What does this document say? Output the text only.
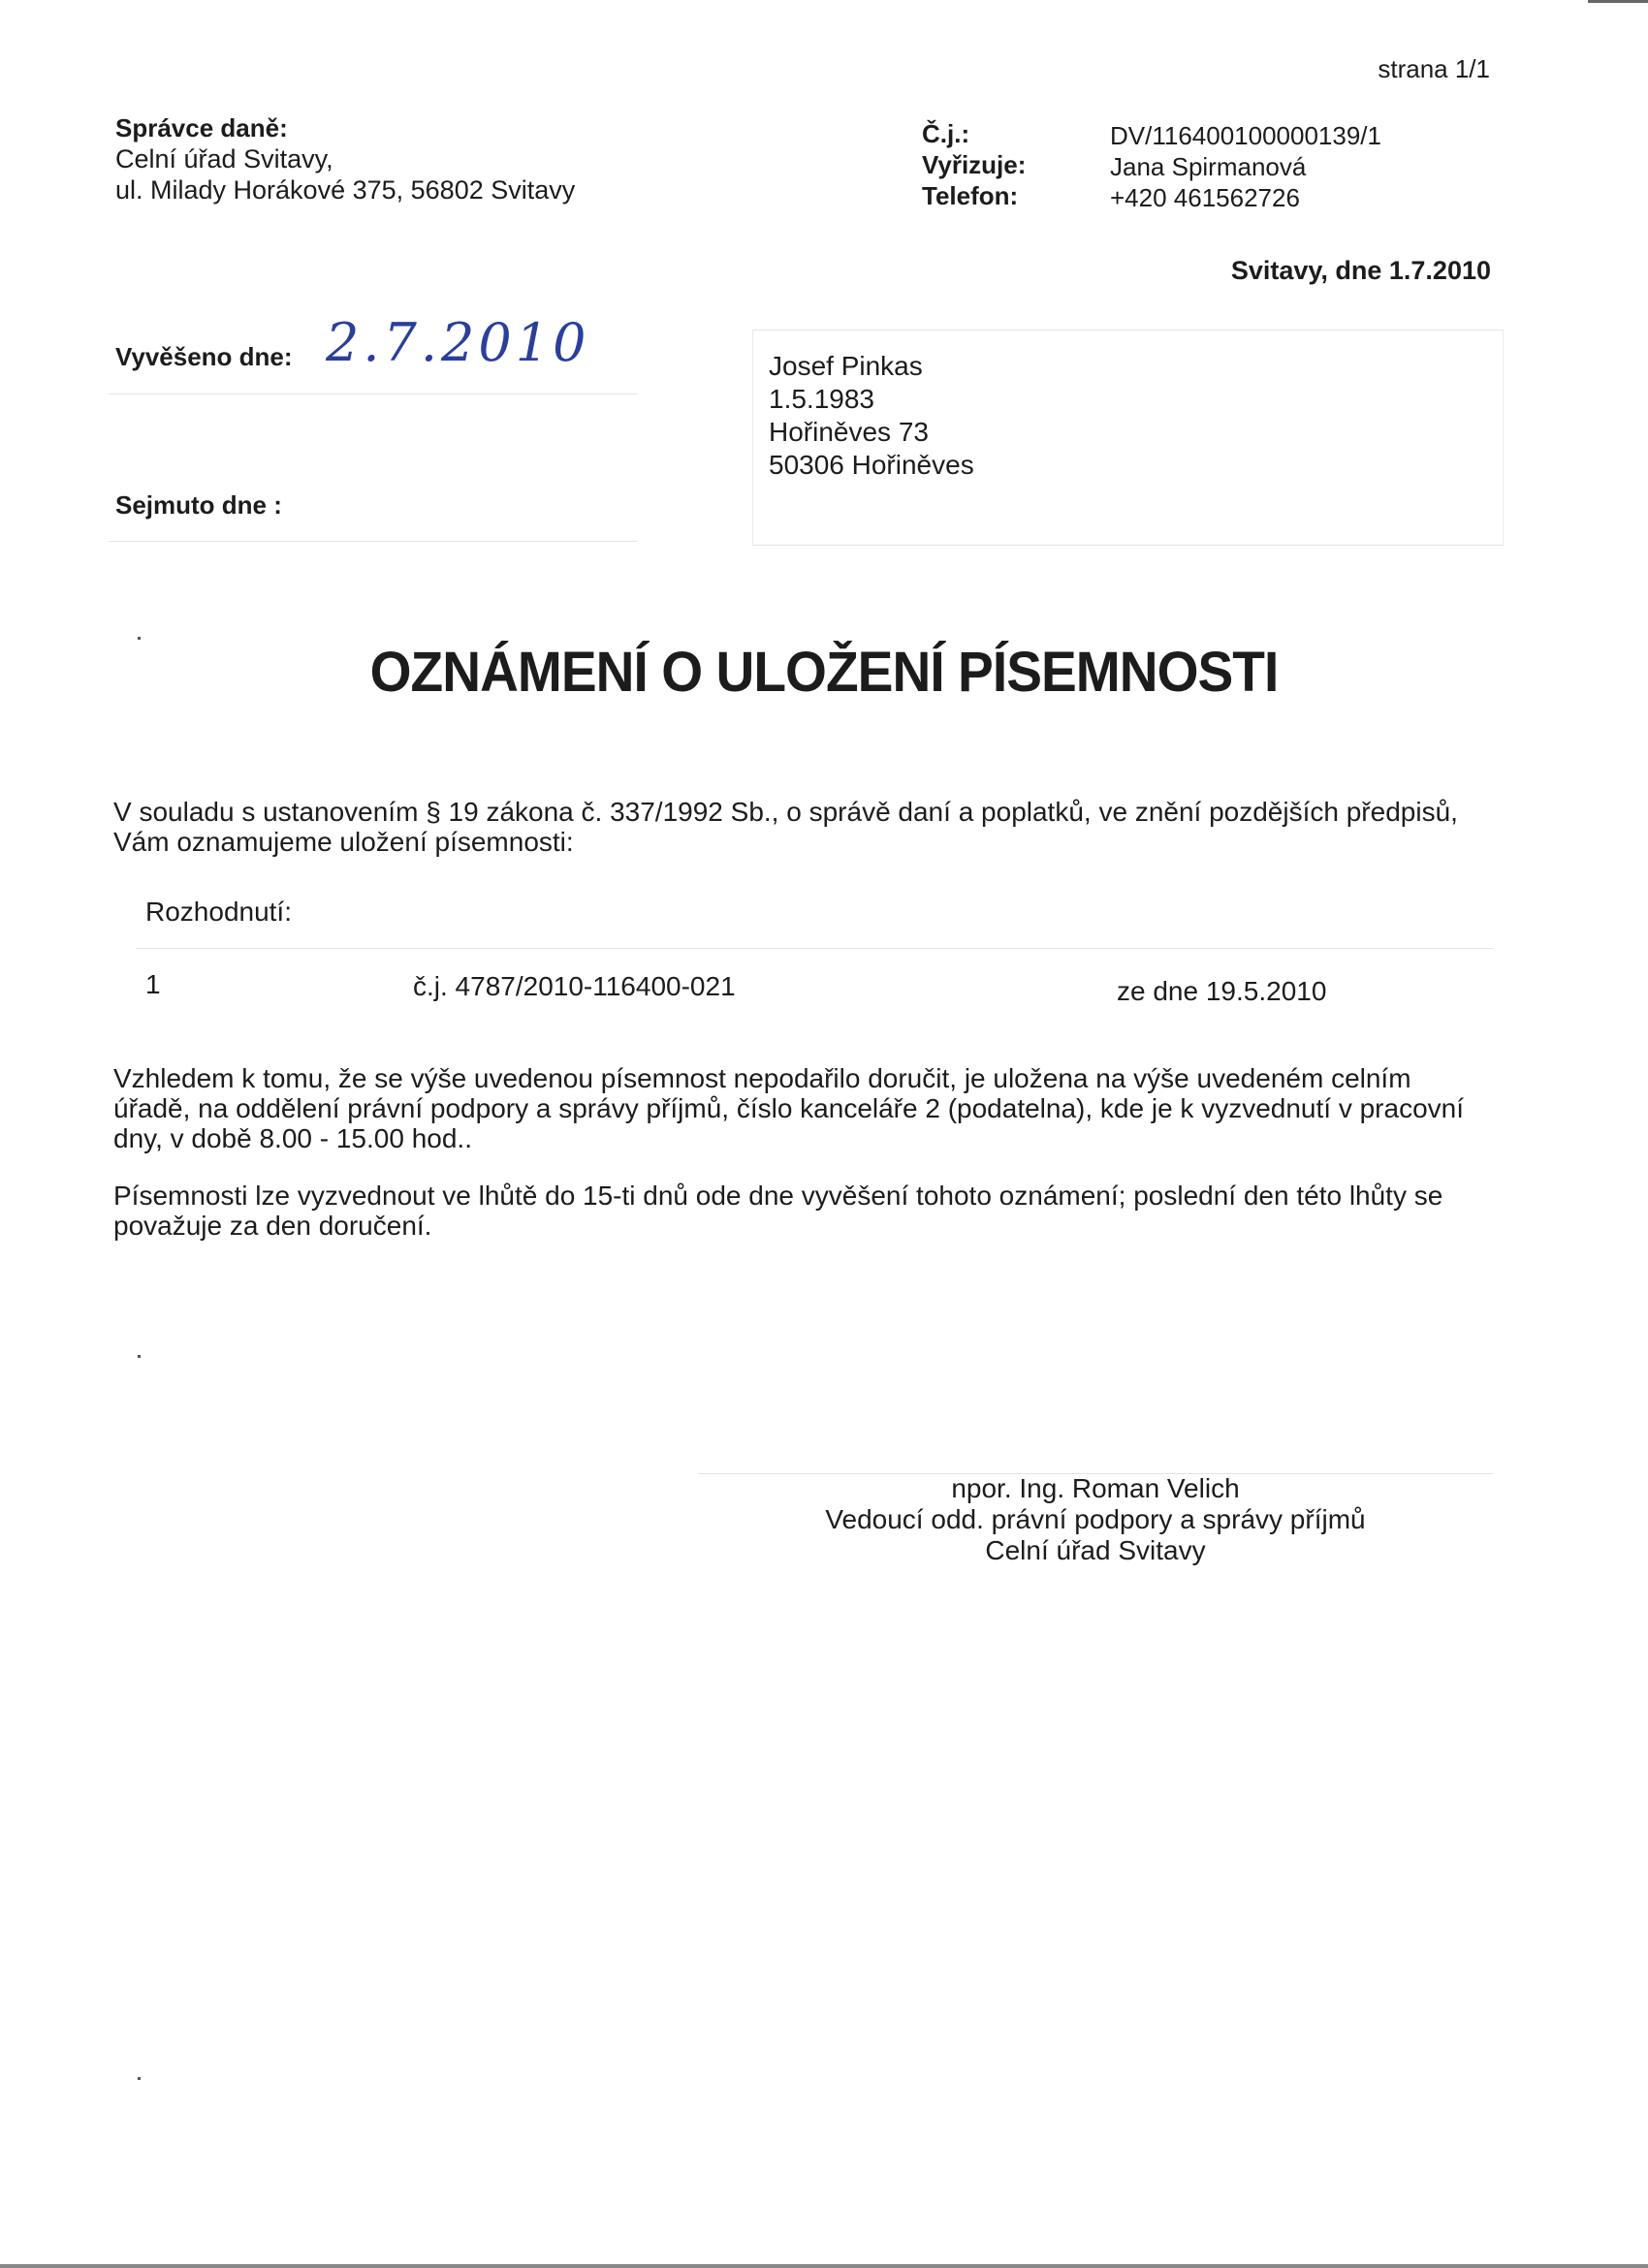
strana 1/1
Správce daně:
Celní úřad Svitavy,
ul. Milady Horákové 375, 56802 Svitavy
Č.j.:
Vyřizuje:
Telefon:
DV/116400100000139/1
Jana Spirmanová
+420 461562726
Svitavy, dne 1.7.2010
Vyvěšeno dne: 2.7.2010
Sejmuto dne :
Josef Pinkas
1.5.1983
Hořiněves 73
50306 Hořiněves
OZNÁMENÍ O ULOŽENÍ PÍSEMNOSTI
V souladu s ustanovením § 19 zákona č. 337/1992 Sb., o správě daní a poplatků, ve znění pozdějších předpisů, Vám oznamujeme uložení písemnosti:
Rozhodnutí:
1	č.j. 4787/2010-116400-021	ze dne 19.5.2010
Vzhledem k tomu, že se výše uvedenou písemnost nepodařilo doručit, je uložena na výše uvedeném celním úřadě, na oddělení právní podpory a správy příjmů, číslo kanceláře 2 (podatelna), kde je k vyzvednutí v pracovní dny, v době 8.00 - 15.00 hod..
Písemnosti lze vyzvednout ve lhůtě do 15-ti dnů ode dne vyvěšení tohoto oznámení; poslední den této lhůty se považuje za den doručení.
npor. Ing. Roman Velich
Vedoucí odd. právní podpory a správy příjmů
Celní úřad Svitavy
